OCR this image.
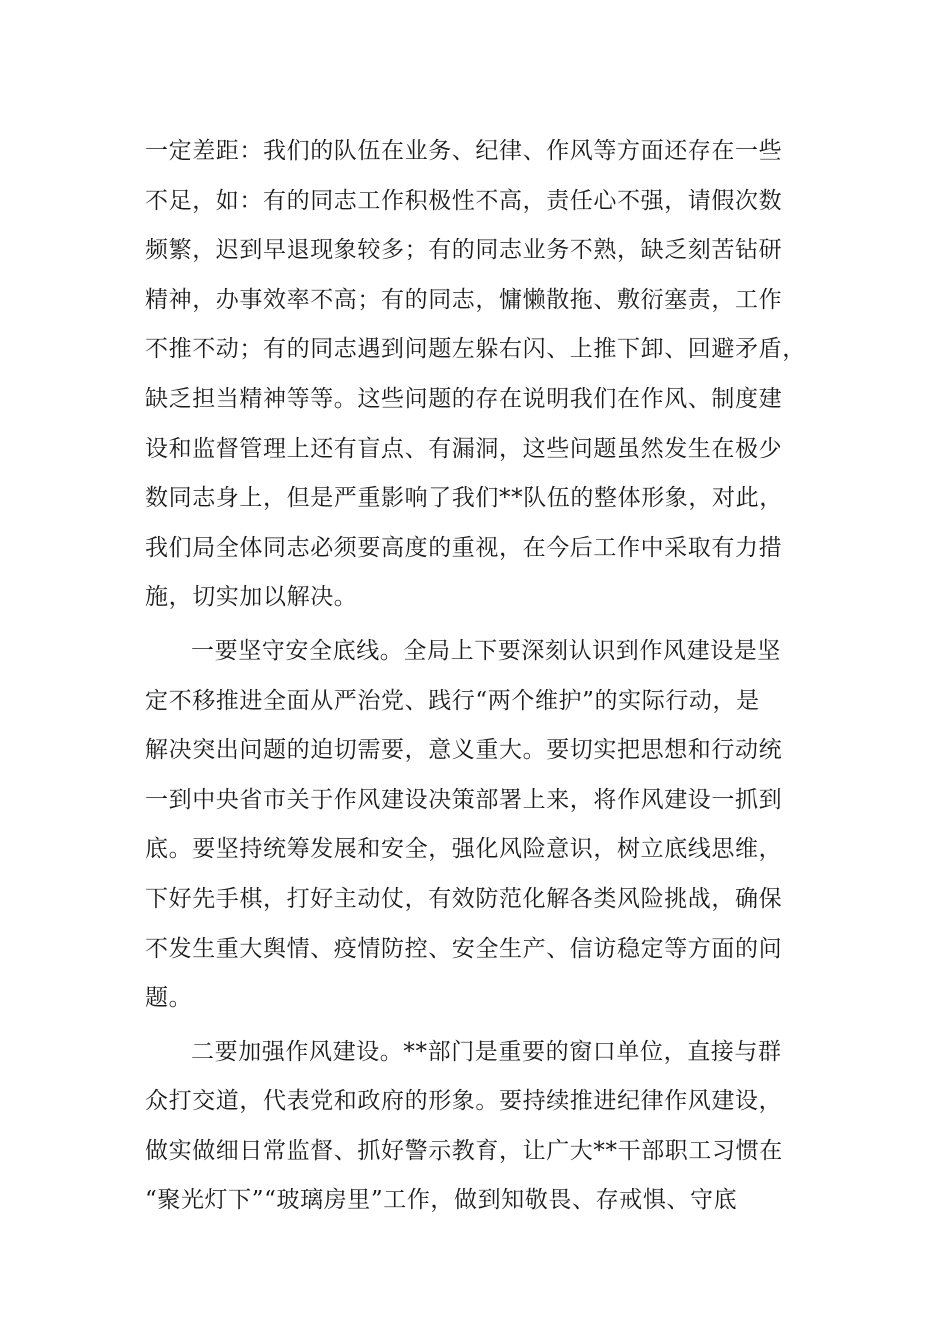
一定差距：我们的队伍在业务、纪律、作风等方面还存在一些
不足，如：有的同志工作积极性不高，责任心不强，请假次数
频繁，迟到早退现象较多；有的同志业务不熟，缺乏刻苦钻研
精神，办事效率不高；有的同志，慵懒散拖、敷衍塞责，工作
不推不动；有的同志遇到问题左躲右闪、上推下卸、回避矛盾，
缺乏担当精神等等。这些问题的存在说明我们在作风、制度建
设和监督管理上还有盲点、有漏洞，这些问题虽然发生在极少
数同志身上，但是严重影响了我们**队伍的整体形象，对此，
我们局全体同志必须要高度的重视，在今后工作中采取有力措
施，切实加以解决。
一要坚守安全底线。全局上下要深刻认识到作风建设是坚
定不移推进全面从严治党、践行“两个维护”的实际行动，是
解决突出问题的迫切需要，意义重大。要切实把思想和行动统
一到中央省市关于作风建设决策部署上来，将作风建设一抓到
底。要坚持统筹发展和安全，强化风险意识，树立底线思维，
下好先手棋，打好主动仗，有效防范化解各类风险挑战，确保
不发生重大舆情、疫情防控、安全生产、信访稳定等方面的问
题。
二要加强作风建设。**部门是重要的窗口单位，直接与群
众打交道，代表党和政府的形象。要持续推进纪律作风建设，
做实做细日常监督、抓好警示教育，让广大**干部职工习惯在
“聚光灯下”“玻璃房里”工作，做到知敬畏、存戒惧、守底
